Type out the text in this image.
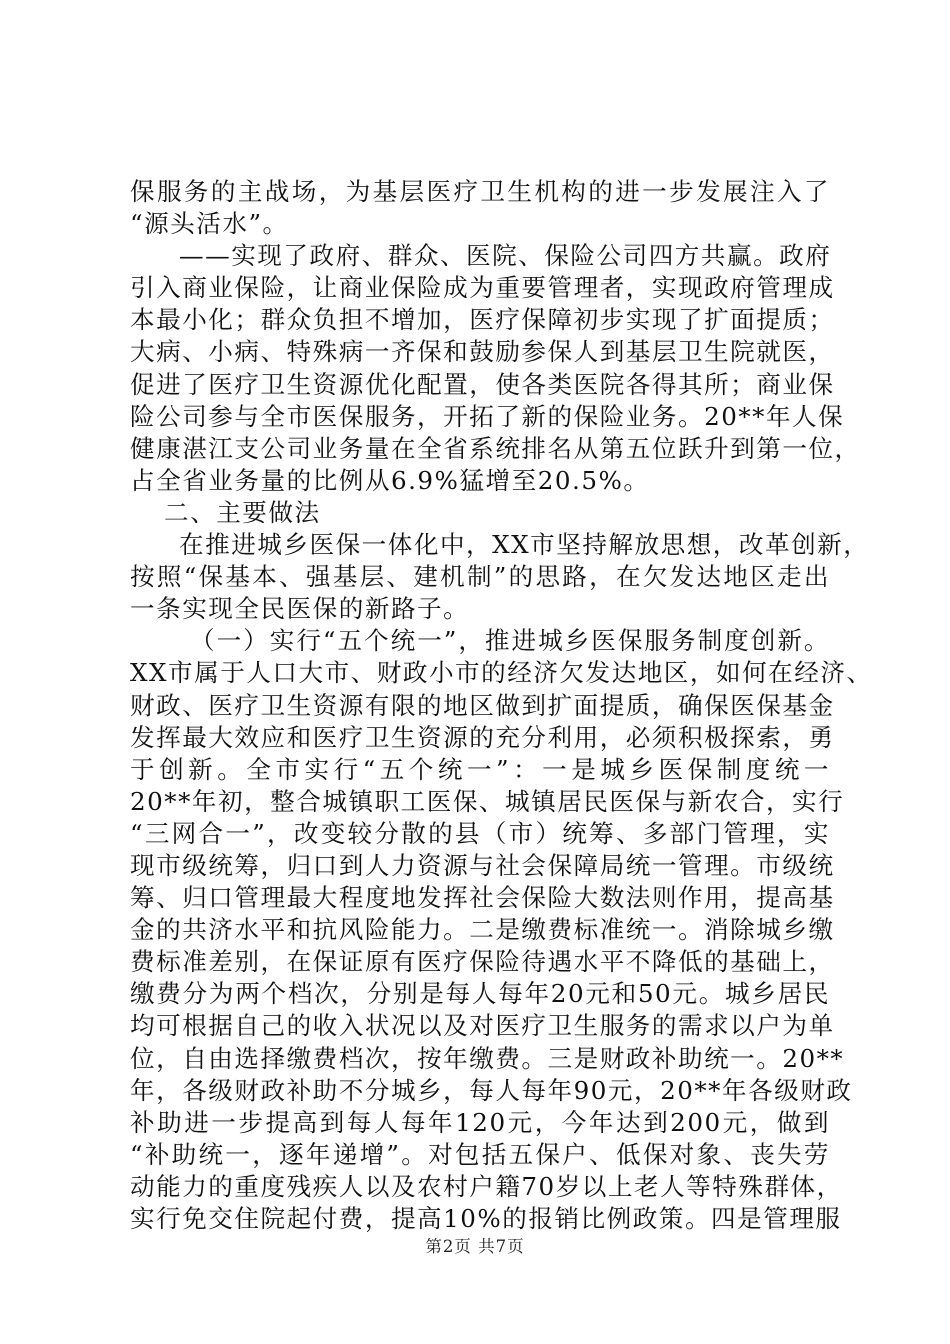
保服务的主战场，为基层医疗卫生机构的进一步发展注入了
“源头活水”。
——实现了政府、群众、医院、保险公司四方共赢。政府
引入商业保险，让商业保险成为重要管理者，实现政府管理成
本最小化；群众负担不增加，医疗保障初步实现了扩面提质；
大病、小病、特殊病一齐保和鼓励参保人到基层卫生院就医，
促进了医疗卫生资源优化配置，使各类医院各得其所；商业保
险公司参与全市医保服务，开拓了新的保险业务。20**年人保
健康湛江支公司业务量在全省系统排名从第五位跃升到第一位，
占全省业务量的比例从6.9%猛增至20.5%。
二、主要做法
在推进城乡医保一体化中，XX市坚持解放思想，改革创新，
按照“保基本、强基层、建机制”的思路，在欠发达地区走出
一条实现全民医保的新路子。
（一）实行“五个统一”，推进城乡医保服务制度创新。
XX市属于人口大市、财政小市的经济欠发达地区，如何在经济、
财政、医疗卫生资源有限的地区做到扩面提质，确保医保基金
发挥最大效应和医疗卫生资源的充分利用，必须积极探索，勇
于创新。全市实行“五个统一”：一是城乡医保制度统一
20**年初，整合城镇职工医保、城镇居民医保与新农合，实行
“三网合一”，改变较分散的县（市）统筹、多部门管理，实
现市级统筹，归口到人力资源与社会保障局统一管理。市级统
筹、归口管理最大程度地发挥社会保险大数法则作用，提高基
金的共济水平和抗风险能力。二是缴费标准统一。消除城乡缴
费标准差别，在保证原有医疗保险待遇水平不降低的基础上，
缴费分为两个档次，分别是每人每年20元和50元。城乡居民
均可根据自己的收入状况以及对医疗卫生服务的需求以户为单
位，自由选择缴费档次，按年缴费。三是财政补助统一。20**
年，各级财政补助不分城乡，每人每年90元，20**年各级财政
补助进一步提高到每人每年120元，今年达到200元，做到
“补助统一，逐年递增”。对包括五保户、低保对象、丧失劳
动能力的重度残疾人以及农村户籍70岁以上老人等特殊群体，
实行免交住院起付费，提高10%的报销比例政策。四是管理服
第2页 共7页
